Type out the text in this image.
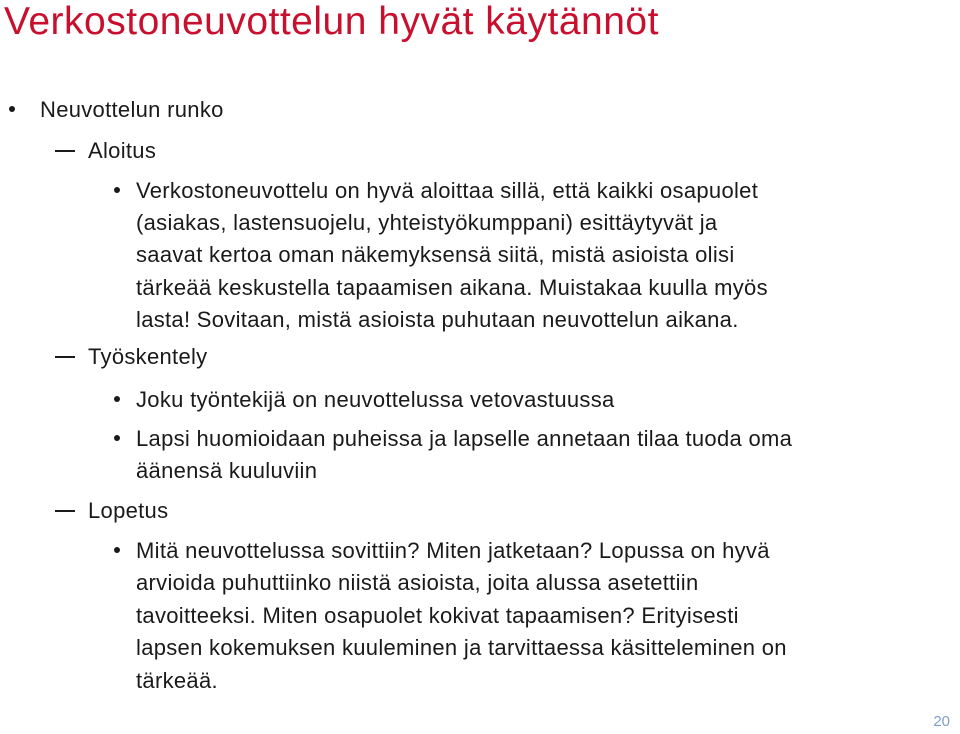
Verkostoneuvottelun hyvät käytännöt
Neuvottelun runko
Aloitus
Verkostoneuvottelu on hyvä aloittaa sillä, että kaikki osapuolet
(asiakas, lastensuojelu, yhteistyökumppani) esittäytyvät ja
saavat kertoa oman näkemyksensä siitä, mistä asioista olisi
tärkeää keskustella tapaamisen aikana. Muistakaa kuulla myös
lasta! Sovitaan, mistä asioista puhutaan neuvottelun aikana.
Työskentely
Joku työntekijä on neuvottelussa vetovastuussa
Lapsi huomioidaan puheissa ja lapselle annetaan tilaa tuoda oma
äänensä kuuluviin
Lopetus
Mitä neuvottelussa sovittiin? Miten jatketaan? Lopussa on hyvä
arvioida puhuttiinko niistä asioista, joita alussa asetettiin
tavoitteeksi. Miten osapuolet kokivat tapaamisen? Erityisesti
lapsen kokemuksen kuuleminen ja tarvittaessa käsitteleminen on
tärkeää.
20
